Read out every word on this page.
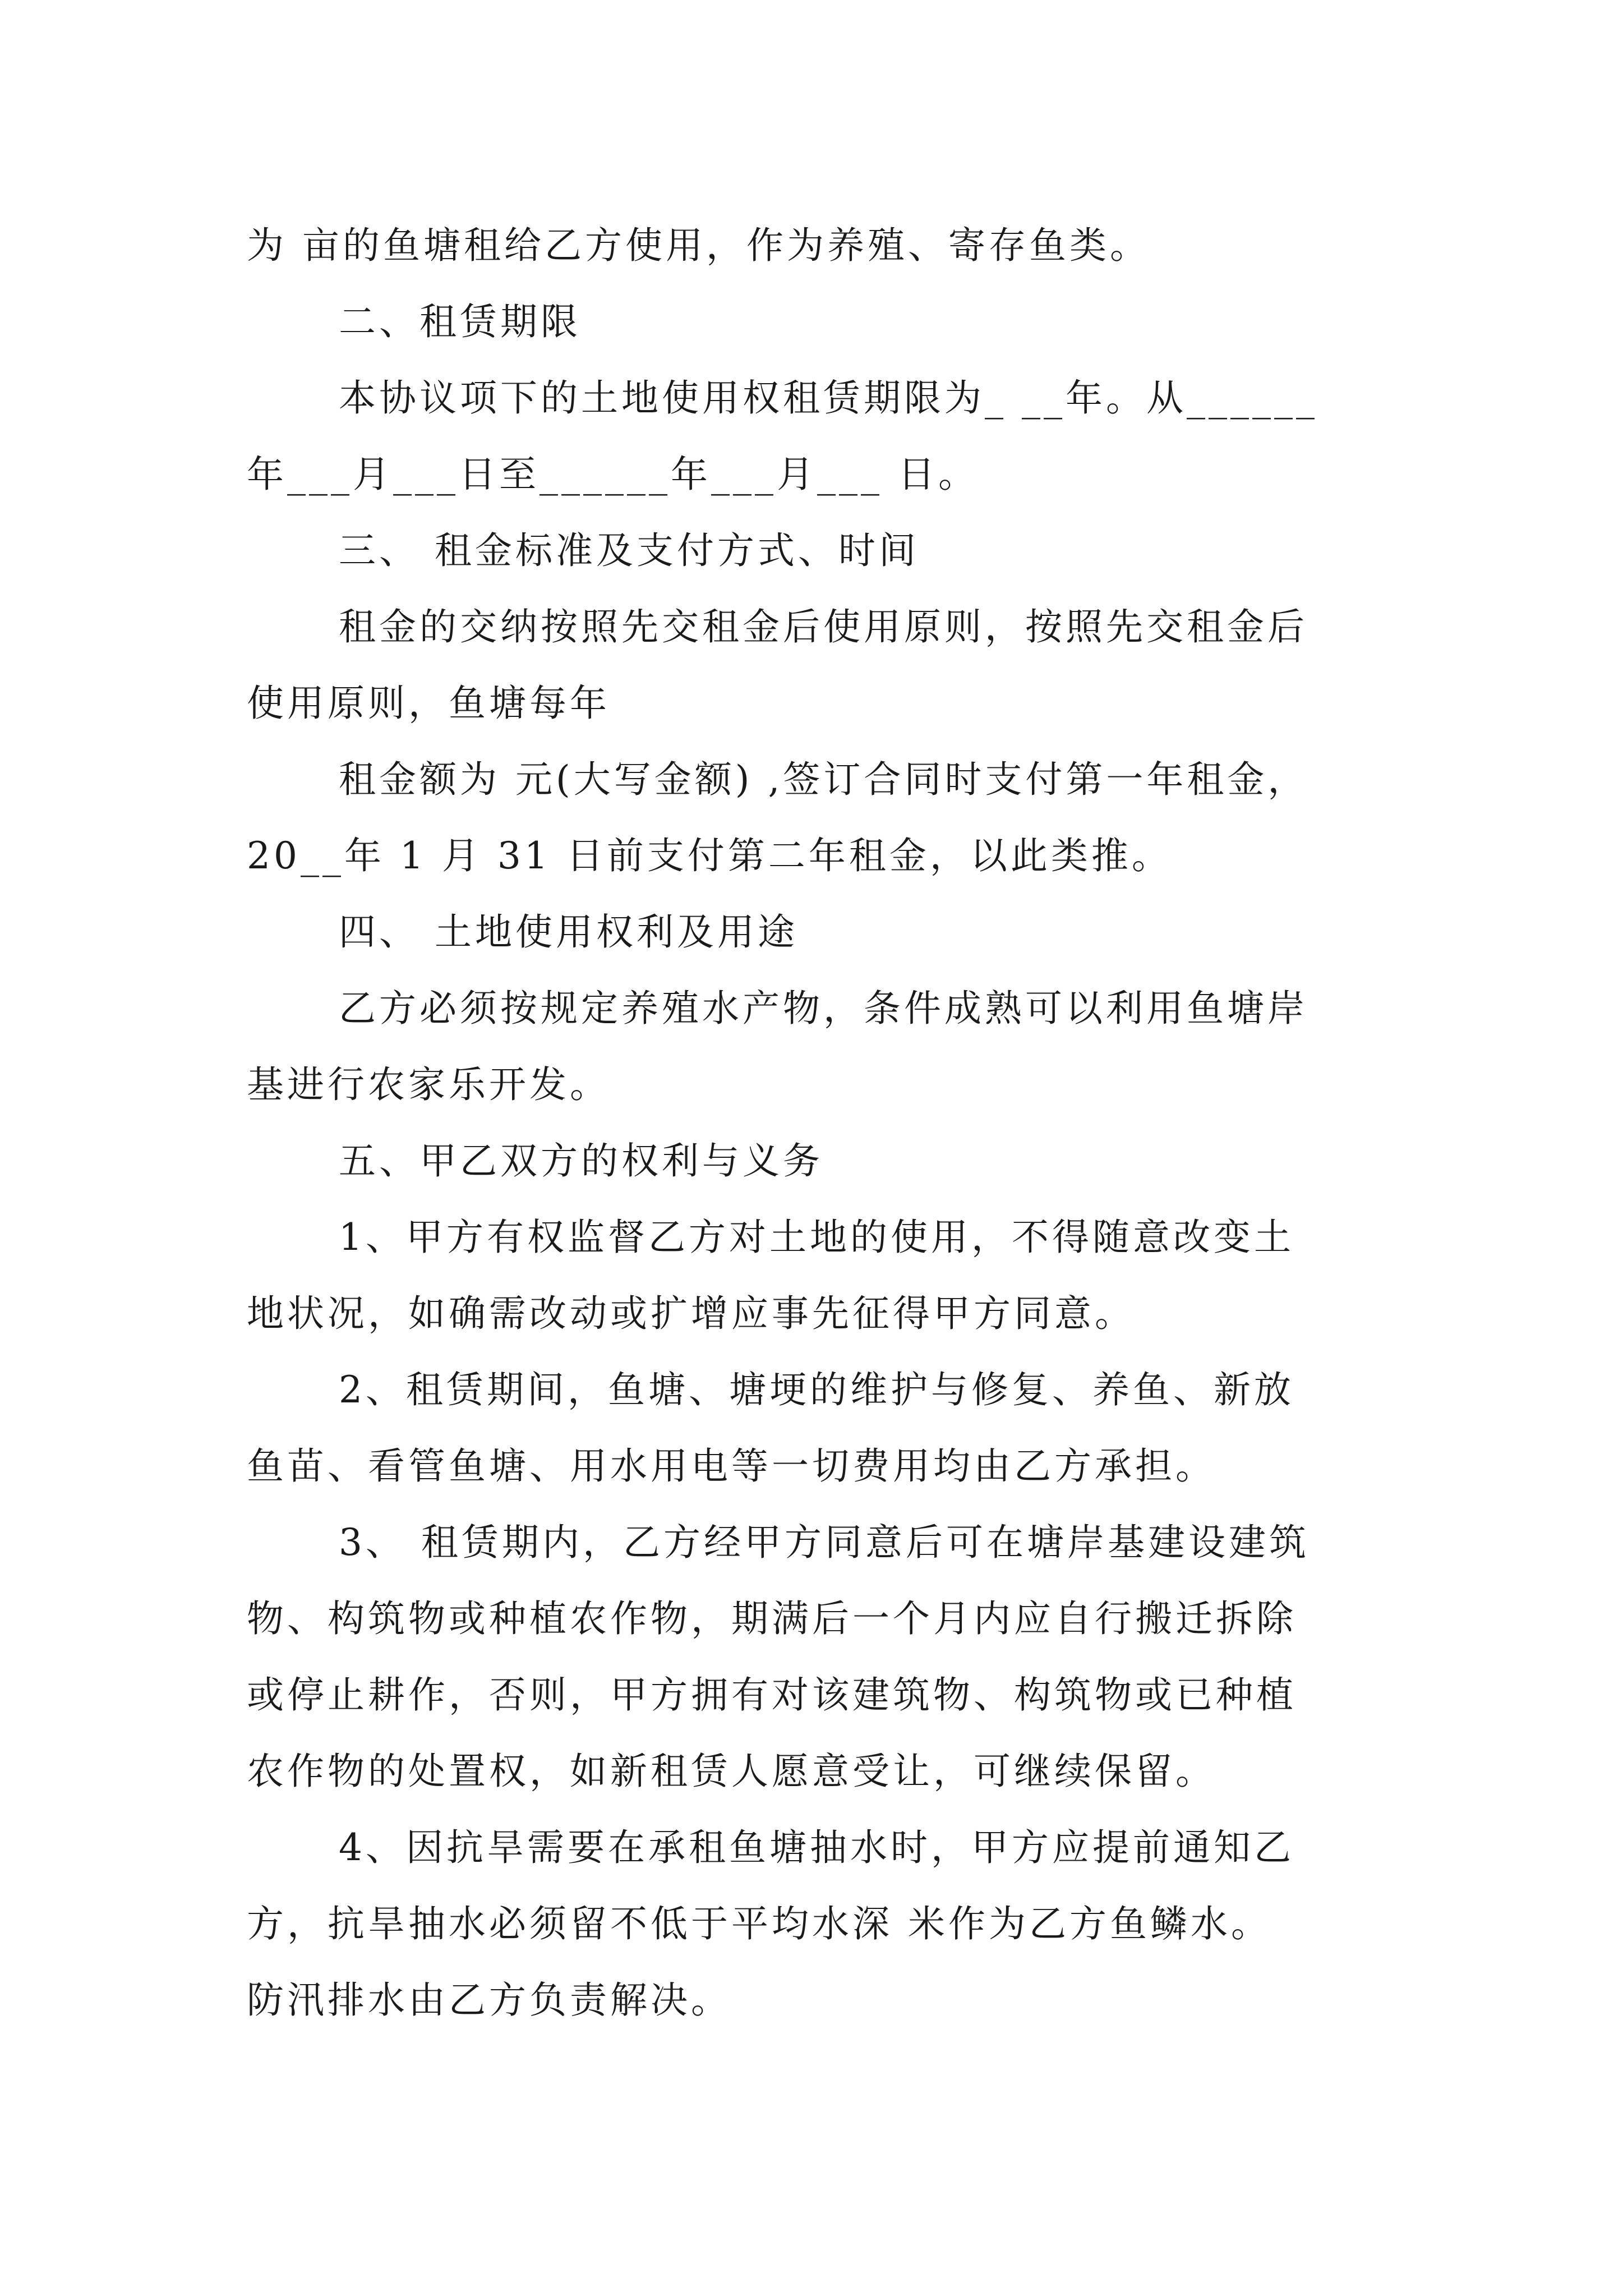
为 亩的鱼塘租给乙方使用，作为养殖、寄存鱼类。
二、租赁期限
本协议项下的土地使用权租赁期限为_ __年。从______
年___月___日至______年___月___ 日。
三、 租金标准及支付方式、时间
租金的交纳按照先交租金后使用原则，按照先交租金后
使用原则，鱼塘每年
租金额为 元(大写金额) ,签订合同时支付第一年租金，
20__年 1 月 31 日前支付第二年租金，以此类推。
四、 土地使用权利及用途
乙方必须按规定养殖水产物，条件成熟可以利用鱼塘岸
基进行农家乐开发。
五、甲乙双方的权利与义务
1、甲方有权监督乙方对土地的使用，不得随意改变土
地状况，如确需改动或扩增应事先征得甲方同意。
2、租赁期间，鱼塘、塘埂的维护与修复、养鱼、新放
鱼苗、看管鱼塘、用水用电等一切费用均由乙方承担。
3、 租赁期内，乙方经甲方同意后可在塘岸基建设建筑
物、构筑物或种植农作物，期满后一个月内应自行搬迁拆除
或停止耕作，否则，甲方拥有对该建筑物、构筑物或已种植
农作物的处置权，如新租赁人愿意受让，可继续保留。
4、因抗旱需要在承租鱼塘抽水时，甲方应提前通知乙
方，抗旱抽水必须留不低于平均水深 米作为乙方鱼鳞水。
防汛排水由乙方负责解决。
